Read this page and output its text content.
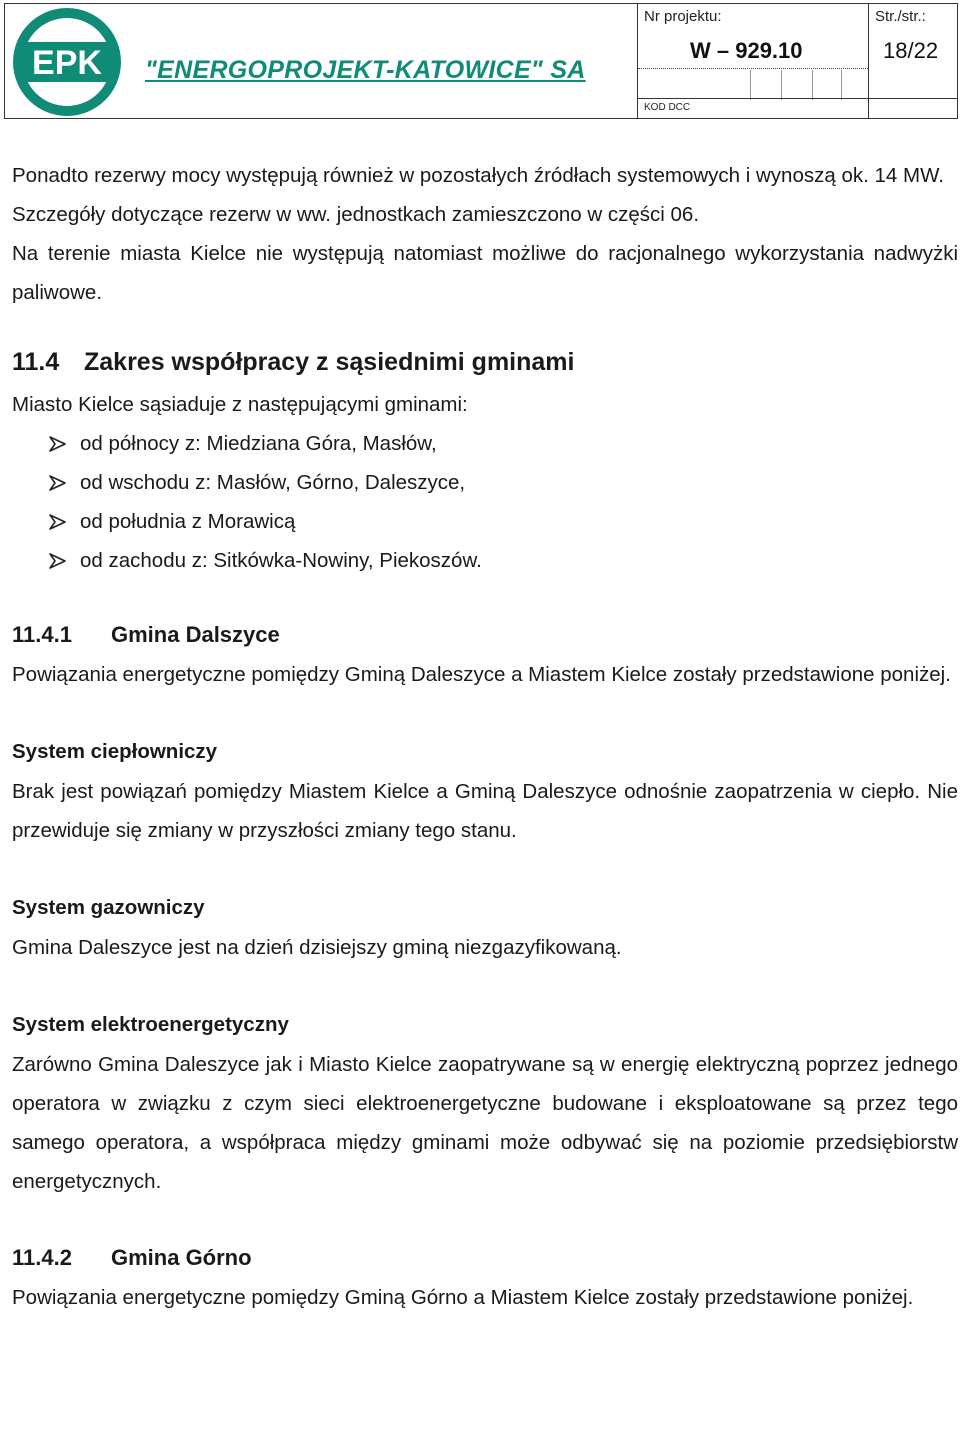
EPK "ENERGOPROJEKT-KATOWICE" SA
Nr projektu:
W – 929.10
KOD DCC
Str./str.:
18/22

Ponadto rezerwy mocy występują również w pozostałych źródłach systemowych i wynoszą ok. 14 MW.

Szczegóły dotyczące rezerw w ww. jednostkach zamieszczono w części 06.

Na terenie miasta Kielce nie występują natomiast możliwe do racjonalnego wykorzystania nadwyżki paliwowe.

11.4 Zakres współpracy z sąsiednimi gminami

Miasto Kielce sąsiaduje z następującymi gminami:

od północy z: Miedziana Góra, Masłów,
od wschodu z: Masłów, Górno, Daleszyce,
od południa z Morawicą
od zachodu z: Sitkówka-Nowiny, Piekoszów.
11.4.1 Gmina Dalszyce

Powiązania energetyczne pomiędzy Gminą Daleszyce a Miastem Kielce zostały przedstawione poniżej.

System ciepłowniczy

Brak jest powiązań pomiędzy Miastem Kielce a Gminą Daleszyce odnośnie zaopatrzenia w ciepło. Nie przewiduje się zmiany w przyszłości zmiany tego stanu.

System gazowniczy

Gmina Daleszyce jest na dzień dzisiejszy gminą niezgazyfikowaną.

System elektroenergetyczny

Zarówno Gmina Daleszyce jak i Miasto Kielce zaopatrywane są w energię elektryczną poprzez jednego operatora w związku z czym sieci elektroenergetyczne budowane i eksploatowane są przez tego samego operatora, a współpraca między gminami może odbywać się na poziomie przedsiębiorstw energetycznych.

11.4.2 Gmina Górno

Powiązania energetyczne pomiędzy Gminą Górno a Miastem Kielce zostały przedstawione poniżej.
